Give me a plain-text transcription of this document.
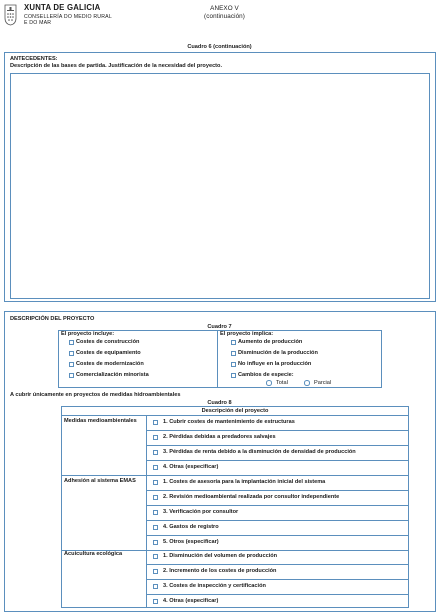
XUNTA DE GALICIA
CONSELLERÍA DO MEDIO RURAL
E DO MAR
ANEXO V
(continuación)
Cuadro 6 (continuación)
ANTECEDENTES:
Descripción de las bases de partida. Justificación de la necesidad del proyecto.
DESCRIPCIÓN DEL PROYECTO
Cuadro 7
El proyecto incluye:
Costes de construcción
Costes de equipamiento
Costes de modernización
Comercialización minorista
El proyecto implica:
Aumento de producción
Disminución de la producción
No influye en la producción
Cambios de especie:
Total	Parcial
A cubrir únicamente en proyectos de medidas hidroambientales
Cuadro 8
Descripción del proyecto
Medidas medioambientales	1. Cubrir costes de mantenimiento de estructuras
2. Pérdidas debidas a predadores salvajes
3. Pérdidas de renta debido a la disminución de densidad de producción
4. Otras (especificar)
Adhesión al sistema EMAS	1. Costes de asesoría para la implantación inicial del sistema
2. Revisión medioambiental realizada por consultor independiente
3. Verificación por consultor
4. Gastos de registro
5. Otros (especificar)
Acuicultura ecológica	1. Disminución del volumen de producción
2. Incremento de los costes de producción
3. Costes de inspección y certificación
4. Otras (especificar)
